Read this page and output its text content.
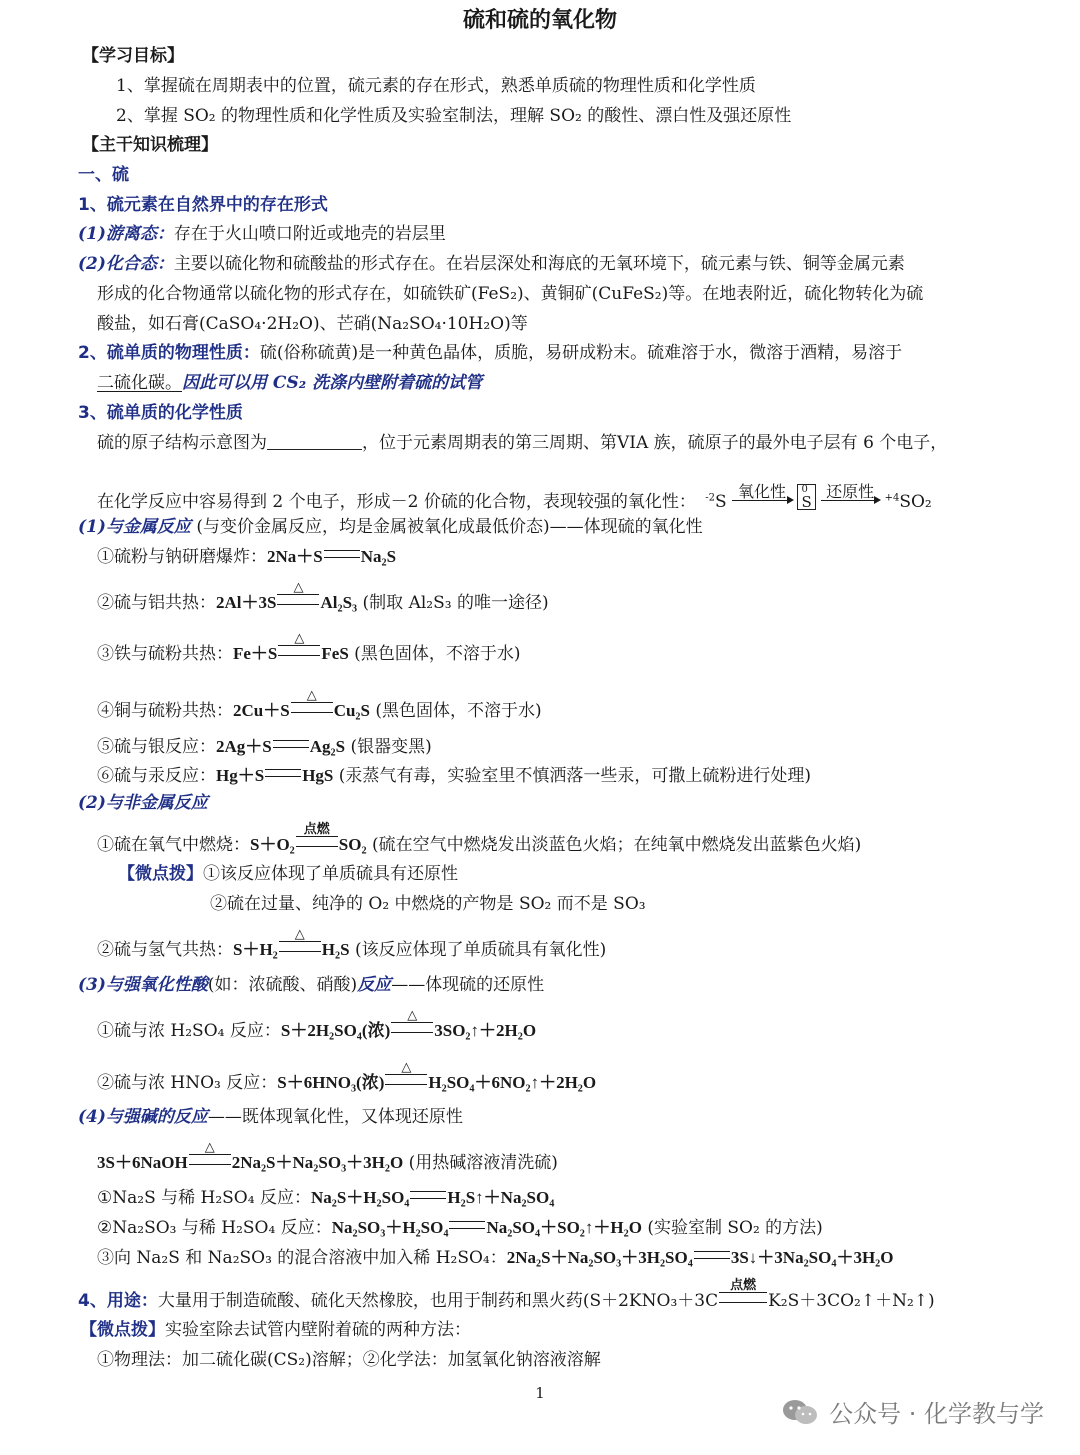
硫和硫的氧化物
【学习目标】
1、掌握硫在周期表中的位置，硫元素的存在形式，熟悉单质硫的物理性质和化学性质
2、掌握 SO₂ 的物理性质和化学性质及实验室制法，理解 SO₂ 的酸性、漂白性及强还原性
【主干知识梳理】
一、硫
1、硫元素在自然界中的存在形式
(1)游离态：存在于火山喷口附近或地壳的岩层里
(2)化合态：主要以硫化物和硫酸盐的形式存在。在岩层深处和海底的无氧环境下，硫元素与铁、铜等金属元素
形成的化合物通常以硫化物的形式存在，如硫铁矿(FeS₂)、黄铜矿(CuFeS₂)等。在地表附近，硫化物转化为硫
酸盐，如石膏(CaSO₄·2H₂O)、芒硝(Na₂SO₄·10H₂O)等
2、硫单质的物理性质：硫(俗称硫黄)是一种黄色晶体，质脆，易研成粉末。硫难溶于水，微溶于酒精，易溶于
二硫化碳。因此可以用 CS₂ 洗涤内壁附着硫的试管
3、硫单质的化学性质
硫的原子结构示意图为	，位于元素周期表的第三周期、第VIA 族，硫原子的最外电子层有 6 个电子，
在化学反应中容易得到 2 个电子，形成－2 价硫的化合物，表现较强的氧化性： $^{-2}$S
氧化性
	0
S
还原性	$^{+4}$SO₂
(1)与金属反应 (与变价金属反应，均是金属被氧化成最低价态)——体现硫的氧化性
①硫粉与钠研磨爆炸：2Na＋S Na₂S
②硫与铝共热：2Al＋3S
△
Al₂S₃ (制取 Al₂S₃ 的唯一途径)
③铁与硫粉共热：Fe＋S
△
FeS (黑色固体，不溶于水)
④铜与硫粉共热：2Cu＋S
△
Cu₂S (黑色固体，不溶于水)
⑤硫与银反应：2Ag＋S Ag₂S (银器变黑)
⑥硫与汞反应：Hg＋S HgS (汞蒸气有毒，实验室里不慎洒落一些汞，可撒上硫粉进行处理)
(2)与非金属反应
①硫在氧气中燃烧：S＋O₂
点燃
SO₂ (硫在空气中燃烧发出淡蓝色火焰；在纯氧中燃烧发出蓝紫色火焰)
【微点拨】①该反应体现了单质硫具有还原性
②硫在过量、纯净的 O₂ 中燃烧的产物是 SO₂ 而不是 SO₃
②硫与氢气共热：S＋H₂
△
H₂S (该反应体现了单质硫具有氧化性)
(3)与强氧化性酸(如：浓硫酸、硝酸)反应——体现硫的还原性
①硫与浓 H₂SO₄ 反应：S＋2H₂SO₄(浓)
△
3SO₂↑＋2H₂O
②硫与浓 HNO₃ 反应：S＋6HNO₃(浓)
△
H₂SO₄＋6NO₂↑＋2H₂O
(4)与强碱的反应——既体现氧化性，又体现还原性
3S＋6NaOH
△
2Na₂S＋Na₂SO₃＋3H₂O (用热碱溶液清洗硫)
①Na₂S 与稀 H₂SO₄ 反应：Na₂S＋H₂SO₄ H₂S↑＋Na₂SO₄
②Na₂SO₃ 与稀 H₂SO₄ 反应：Na₂SO₃＋H₂SO₄ Na₂SO₄＋SO₂↑＋H₂O (实验室制 SO₂ 的方法)
③向 Na₂S 和 Na₂SO₃ 的混合溶液中加入稀 H₂SO₄：2Na₂S＋Na₂SO₃＋3H₂SO₄ 3S↓＋3Na₂SO₄＋3H₂O
4、用途：大量用于制造硫酸、硫化天然橡胶，也用于制药和黑火药(S＋2KNO₃＋3C
点燃
K₂S＋3CO₂↑＋N₂↑)
【微点拨】实验室除去试管内壁附着硫的两种方法：
①物理法：加二硫化碳(CS₂)溶解；②化学法：加氢氧化钠溶液溶解
1
公众号 · 化学教与学
